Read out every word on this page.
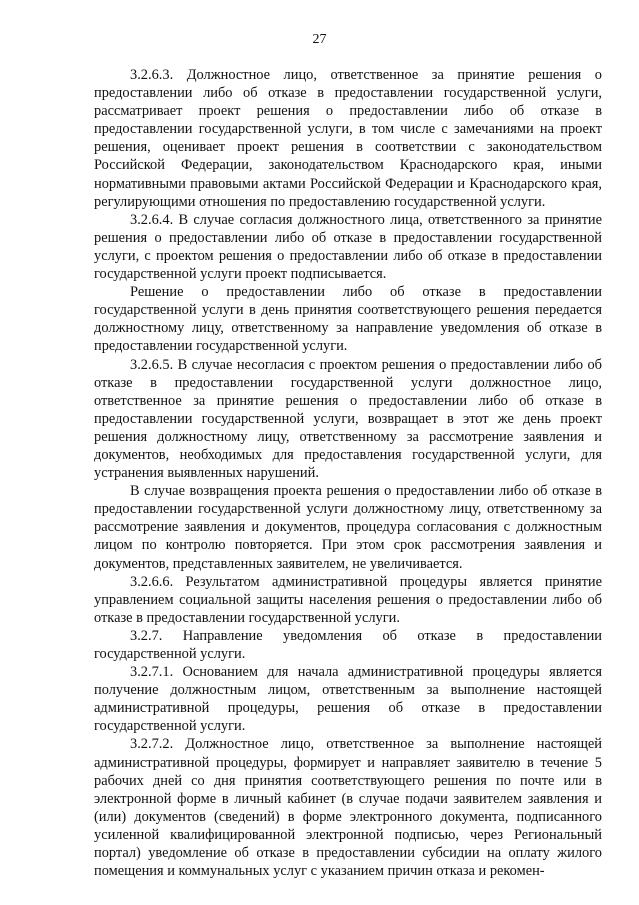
27

3.2.6.3. Должностное лицо, ответственное за принятие решения о предоставлении либо об отказе в предоставлении государственной услуги, рассматривает проект решения о предоставлении либо об отказе в предоставлении государственной услуги, в том числе с замечаниями на проект решения, оценивает проект решения в соответствии с законодательством Российской Федерации, законодательством Краснодарского края, иными нормативными правовыми актами Российской Федерации и Краснодарского края, регулирующими отношения по предоставлению государственной услуги.

3.2.6.4. В случае согласия должностного лица, ответственного за принятие решения о предоставлении либо об отказе в предоставлении государственной услуги, с проектом решения о предоставлении либо об отказе в предоставлении государственной услуги проект подписывается.

Решение о предоставлении либо об отказе в предоставлении государственной услуги в день принятия соответствующего решения передается должностному лицу, ответственному за направление уведомления об отказе в предоставлении государственной услуги.

3.2.6.5. В случае несогласия с проектом решения о предоставлении либо об отказе в предоставлении государственной услуги должностное лицо, ответственное за принятие решения о предоставлении либо об отказе в предоставлении государственной услуги, возвращает в этот же день проект решения должностному лицу, ответственному за рассмотрение заявления и документов, необходимых для предоставления государственной услуги, для устранения выявленных нарушений.

В случае возвращения проекта решения о предоставлении либо об отказе в предоставлении государственной услуги должностному лицу, ответственному за рассмотрение заявления и документов, процедура согласования с должностным лицом по контролю повторяется. При этом срок рассмотрения заявления и документов, представленных заявителем, не увеличивается.

3.2.6.6. Результатом административной процедуры является принятие управлением социальной защиты населения решения о предоставлении либо об отказе в предоставлении государственной услуги.

3.2.7. Направление уведомления об отказе в предоставлении государственной услуги.

3.2.7.1. Основанием для начала административной процедуры является получение должностным лицом, ответственным за выполнение настоящей административной процедуры, решения об отказе в предоставлении государственной услуги.

3.2.7.2. Должностное лицо, ответственное за выполнение настоящей административной процедуры, формирует и направляет заявителю в течение 5 рабочих дней со дня принятия соответствующего решения по почте или в электронной форме в личный кабинет (в случае подачи заявителем заявления и (или) документов (сведений) в форме электронного документа, подписанного усиленной квалифицированной электронной подписью, через Региональный портал) уведомление об отказе в предоставлении субсидии на оплату жилого помещения и коммунальных услуг с указанием причин отказа и рекомен-
